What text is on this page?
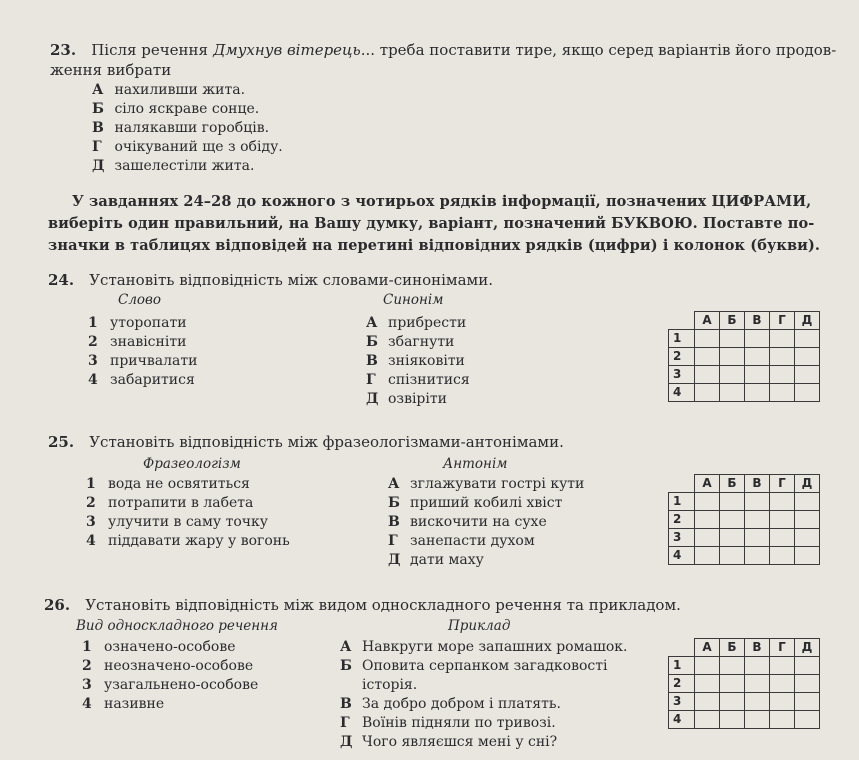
23. Після речення Дмухнув вітерець... треба поставити тире, якщо серед варіантів його продов-
ження вибрати
А нахиливши жита.
Б сіло яскраве сонце.
В налякавши горобців.
Г очікуваний ще з обіду.
Д зашелестіли жита.
У завданнях 24–28 до кожного з чотирьох рядків інформації, позначених ЦИФРАМИ,
виберіть один правильний, на Вашу думку, варіант, позначений БУКВОЮ. Поставте по-
значки в таблицях відповідей на перетині відповідних рядків (цифри) і колонок (букви).
24. Установіть відповідність між словами-синонімами.
Слово	Синонім
1 уторопати
2 знавісніти
3 причвалати
4 забаритися
А прибрести
Б збагнути
В зніяковіти
Г спізнитися
Д озвіріти
	А	Б	В	Г	Д
1					
2					
3					
4					
25. Установіть відповідність між фразеологізмами-антонімами.
Фразеологізм	Антонім
1 вода не освятиться
2 потрапити в лабета
3 улучити в саму точку
4 піддавати жару у вогонь
А зглажувати гострі кути
Б приший кобилі хвіст
В вискочити на сухе
Г занепасти духом
Д дати маху
	А	Б	В	Г	Д
1					
2					
3					
4					
26. Установіть відповідність між видом односкладного речення та прикладом.
Вид односкладного речення	Приклад
1 означено-особове
2 неозначено-особове
3 узагальнено-особове
4 називне
А Навкруги море запашних ромашок.
Б Оповита серпанком загадковості
історія.
В За добро добром і платять.
Г Воїнів підняли по тривозі.
Д Чого являєшся мені у сні?
	А	Б	В	Г	Д
1					
2					
3					
4					
